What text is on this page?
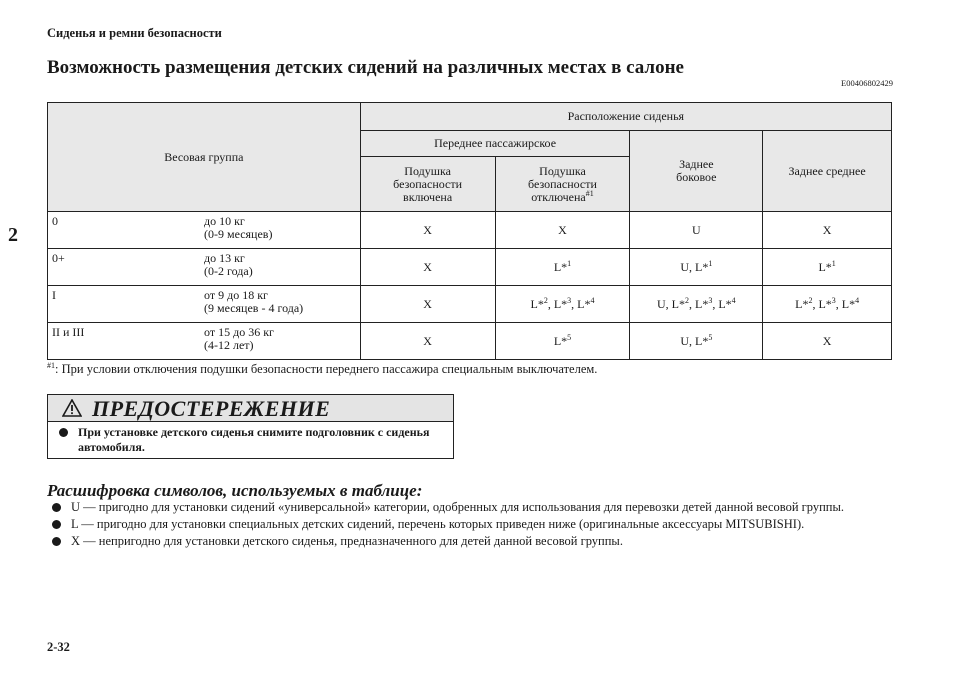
Сиденья и ремни безопасности
Возможность размещения детских сидений на различных местах в салоне
E00406802429
2
Весовая группа	Расположение сиденья			
	Переднее пассажирское		Заднее боковое	Заднее среднее

	Подушка безопасности включена	Подушка безопасности отключена$^{\#1}$

0 до 10 кг
(0-9 месяцев)	X	X	U	X

0+ до 13 кг
(0-2 года)	X	L*$^1$	U, L*$^1$	L*$^1$

I от 9 до 18 кг
(9 месяцев - 4 года)	X	L*$^2$, L*$^3$, L*$^4$	U, L*$^2$, L*$^3$, L*$^4$	L*$^2$, L*$^3$, L*$^4$

II и III от 15 до 36 кг
(4-12 лет)	X	L*$^5$	U, L*$^5$	X
$^{\#1}$: При условии отключения подушки безопасности переднего пассажира специальным выключателем.
ПРЕДОСТЕРЕЖЕНИЕ
При установке детского сиденья снимите подголовник с сиденья
автомобиля.
Расшифровка символов, используемых в таблице:
U — пригодно для установки сидений «универсальной» категории, одобренных для использования для перевозки детей данной весовой группы.
L — пригодно для установки специальных детских сидений, перечень которых приведен ниже (оригинальные аксессуары MITSUBISHI).
X — непригодно для установки детского сиденья, предназначенного для детей данной весовой группы.
2-32
